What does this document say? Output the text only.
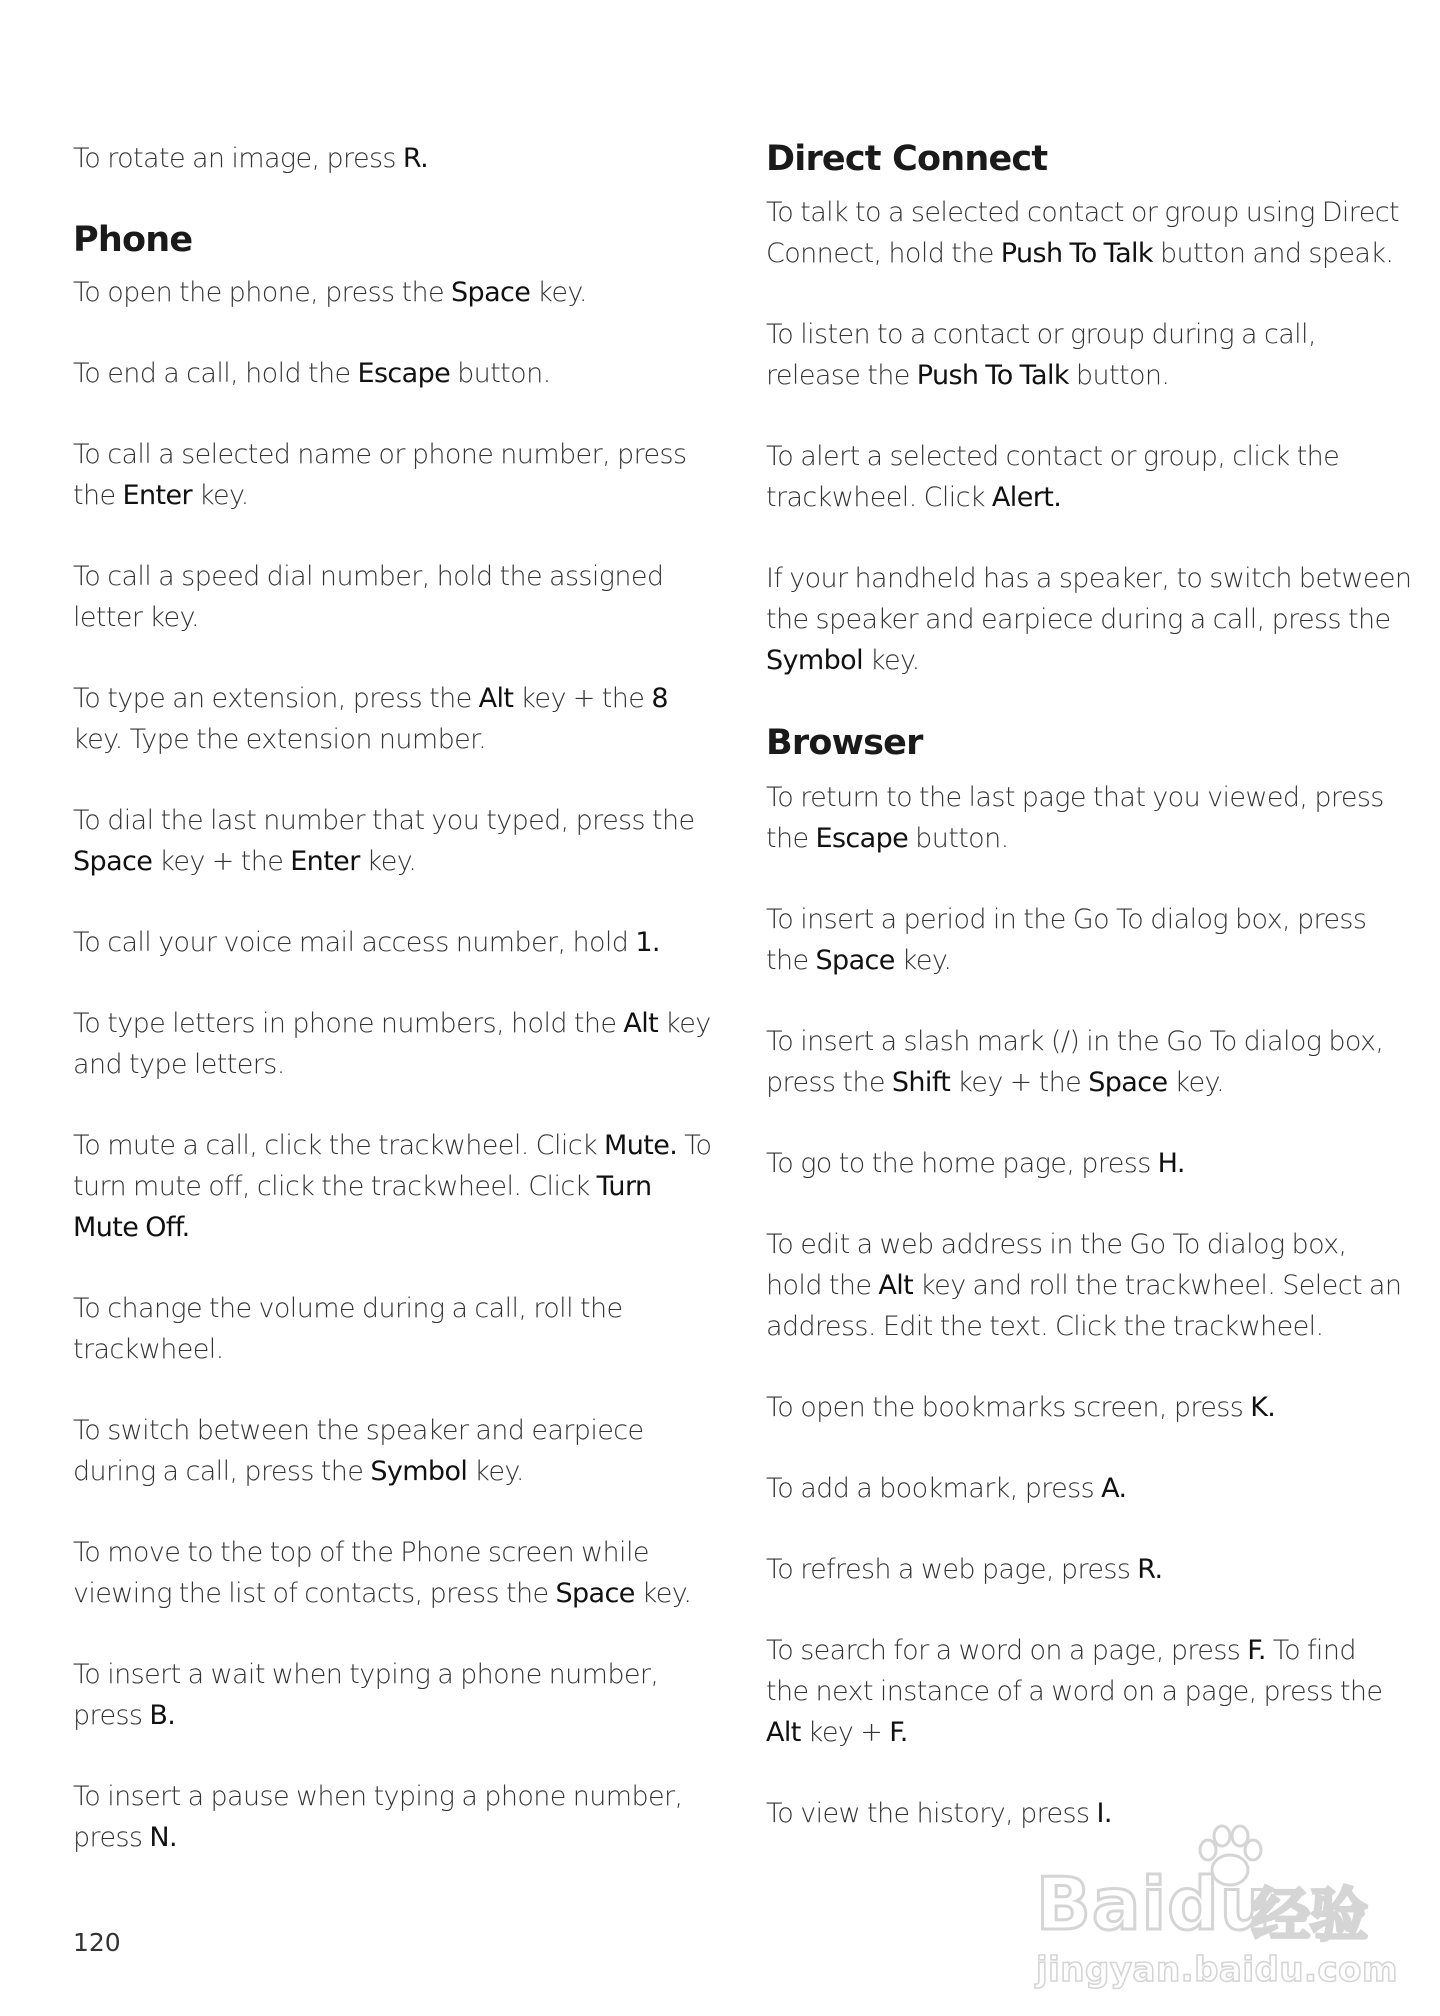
To rotate an image, press R.

Phone

To open the phone, press the Space key.

To end a call, hold the Escape button.

To call a selected name or phone number, press
the Enter key.

To call a speed dial number, hold the assigned
letter key.

To type an extension, press the Alt key + the 8
key. Type the extension number.

To dial the last number that you typed, press the
Space key + the Enter key.

To call your voice mail access number, hold 1.

To type letters in phone numbers, hold the Alt key
and type letters.

To mute a call, click the trackwheel. Click Mute. To
turn mute off, click the trackwheel. Click Turn
Mute Off.

To change the volume during a call, roll the
trackwheel.

To switch between the speaker and earpiece
during a call, press the Symbol key.

To move to the top of the Phone screen while
viewing the list of contacts, press the Space key.

To insert a wait when typing a phone number,
press B.

To insert a pause when typing a phone number,
press N.

Direct Connect

To talk to a selected contact or group using Direct
Connect, hold the Push To Talk button and speak.

To listen to a contact or group during a call,
release the Push To Talk button.

To alert a selected contact or group, click the
trackwheel. Click Alert.

If your handheld has a speaker, to switch between
the speaker and earpiece during a call, press the
Symbol key.

Browser

To return to the last page that you viewed, press
the Escape button.

To insert a period in the Go To dialog box, press
the Space key.

To insert a slash mark (/) in the Go To dialog box,
press the Shift key + the Space key.

To go to the home page, press H.

To edit a web address in the Go To dialog box,
hold the Alt key and roll the trackwheel. Select an
address. Edit the text. Click the trackwheel.

To open the bookmarks screen, press K.

To add a bookmark, press A.

To refresh a web page, press R.

To search for a word on a page, press F. To find
the next instance of a word on a page, press the
Alt key + F.

To view the history, press I.

120	Baidu
经验
jingyan.baidu.com
